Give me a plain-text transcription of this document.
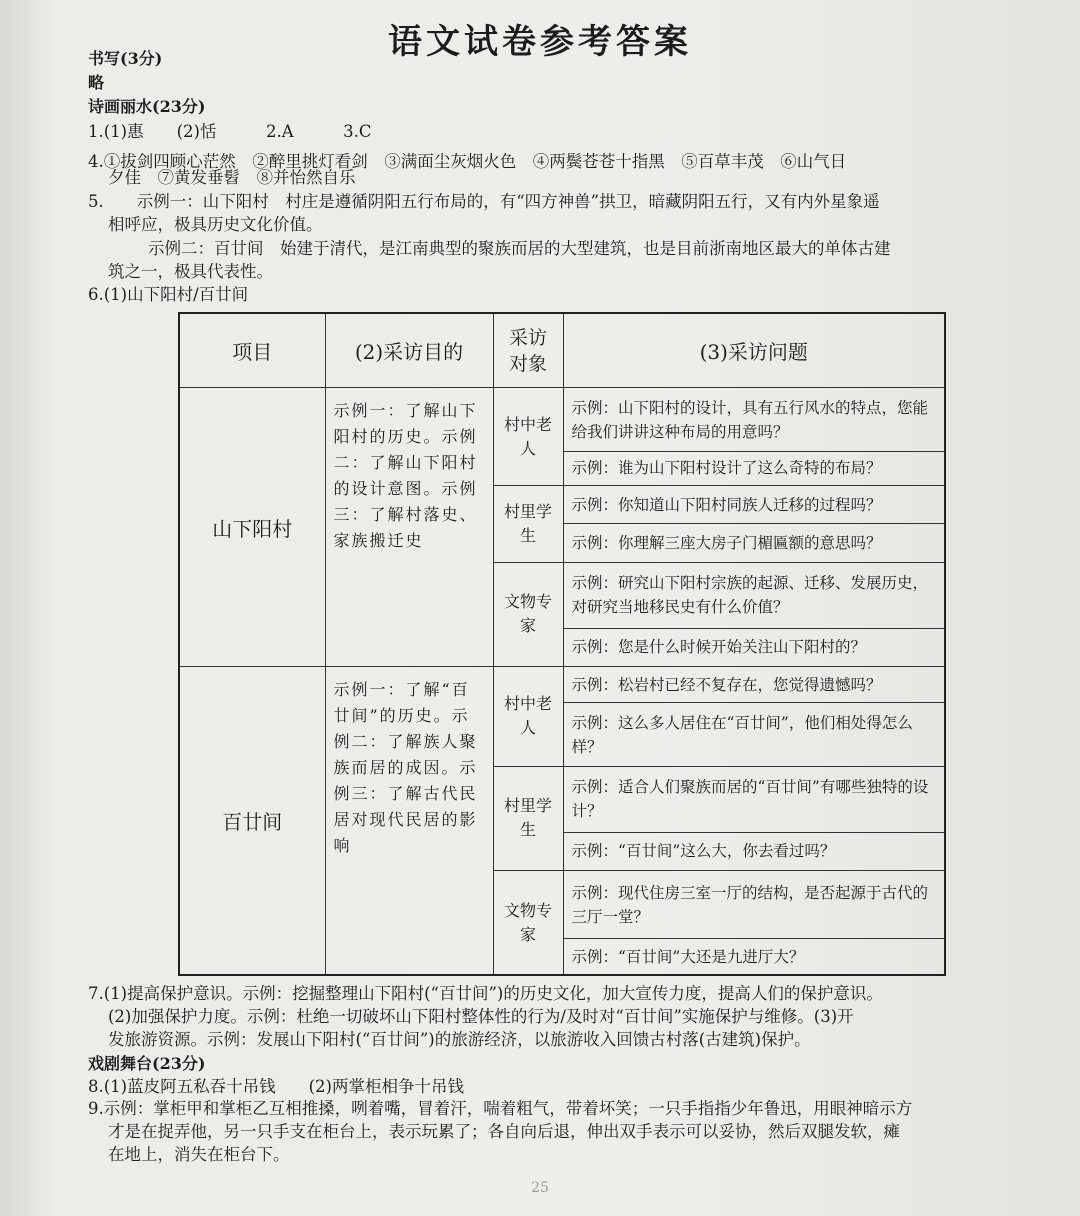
语文试卷参考答案
书写(3分)
略
诗画丽水(23分)
1.(1)惠　　(2)恬　　　2.A　　　3.C
4.①拔剑四顾心茫然　②醉里挑灯看剑　③满面尘灰烟火色　④两鬓苍苍十指黑　⑤百草丰茂　⑥山气日
夕佳　⑦黄发垂髫　⑧并怡然自乐
5.　　示例一：山下阳村　村庄是遵循阴阳五行布局的，有“四方神兽”拱卫，暗藏阴阳五行，又有内外星象遥
相呼应，极具历史文化价值。
示例二：百廿间　始建于清代，是江南典型的聚族而居的大型建筑，也是目前浙南地区最大的单体古建
筑之一，极具代表性。
6.(1)山下阳村/百廿间
项目	(2)采访目的	采访对象	(3)采访问题
山下阳村	示例一：了解山下阳村的历史。示例二：了解山下阳村的设计意图。示例三：了解村落史、家族搬迁史	村中老人	示例：山下阳村的设计，具有五行风水的特点，您能给我们讲讲这种布局的用意吗？
			示例：谁为山下阳村设计了这么奇特的布局？
		村里学生	示例：你知道山下阳村同族人迁移的过程吗？
			示例：你理解三座大房子门楣匾额的意思吗？
		文物专家	示例：研究山下阳村宗族的起源、迁移、发展历史，对研究当地移民史有什么价值？
			示例：您是什么时候开始关注山下阳村的？
百廿间	示例一：了解“百廿间”的历史。示例二：了解族人聚族而居的成因。示例三：了解古代民居对现代民居的影响	村中老人	示例：松岩村已经不复存在，您觉得遗憾吗？
			示例：这么多人居住在“百廿间”，他们相处得怎么样？
		村里学生	示例：适合人们聚族而居的“百廿间”有哪些独特的设计？
			示例：“百廿间”这么大，你去看过吗？
		文物专家	示例：现代住房三室一厅的结构，是否起源于古代的三厅一堂？
			示例：“百廿间”大还是九进厅大？
7.(1)提高保护意识。示例：挖掘整理山下阳村(“百廿间”)的历史文化，加大宣传力度，提高人们的保护意识。
(2)加强保护力度。示例：杜绝一切破坏山下阳村整体性的行为/及时对“百廿间”实施保护与维修。(3)开
发旅游资源。示例：发展山下阳村(“百廿间”)的旅游经济，以旅游收入回馈古村落(古建筑)保护。
戏剧舞台(23分)
8.(1)蓝皮阿五私吞十吊钱　　(2)两掌柜相争十吊钱
9.示例：掌柜甲和掌柜乙互相推搡，咧着嘴，冒着汗，喘着粗气，带着坏笑；一只手指指少年鲁迅，用眼神暗示方
才是在捉弄他，另一只手支在柜台上，表示玩累了；各自向后退，伸出双手表示可以妥协，然后双腿发软，瘫
在地上，消失在柜台下。
25
